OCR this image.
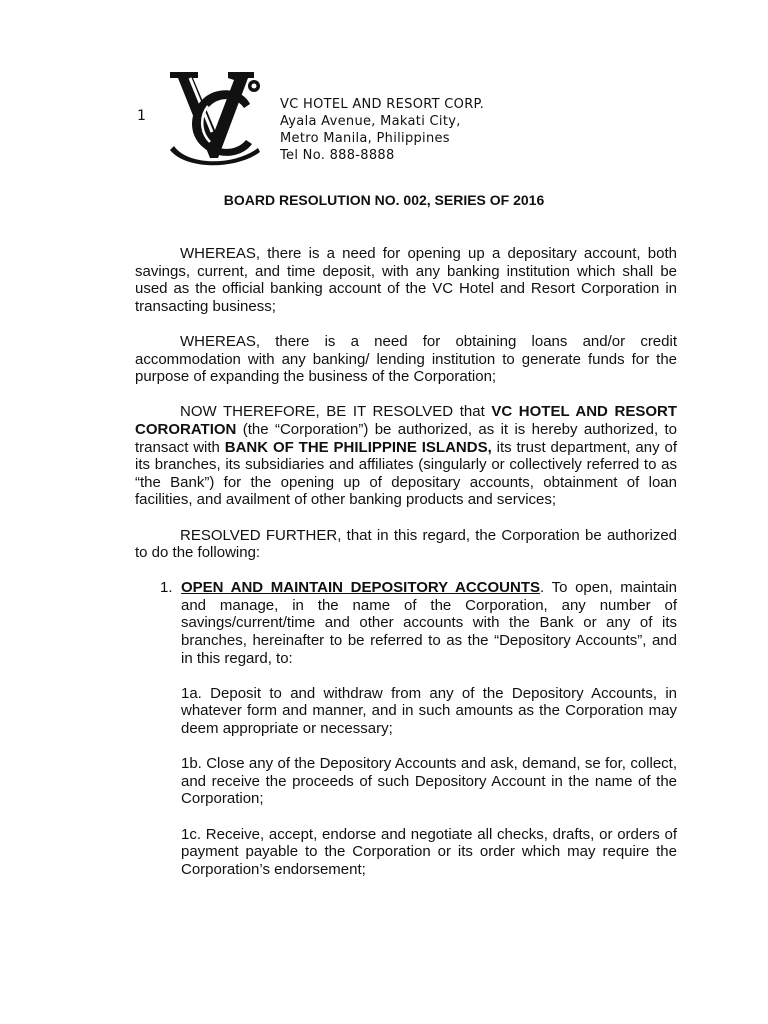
1
VC HOTEL AND RESORT CORP.
Ayala Avenue, Makati City,
Metro Manila, Philippines
Tel No. 888-8888
BOARD RESOLUTION NO. 002, SERIES OF 2016

WHEREAS, there is a need for opening up a depositary account, both savings, current, and time deposit, with any banking institution which shall be used as the official banking account of the VC Hotel and Resort Corporation in transacting business;

WHEREAS, there is a need for obtaining loans and/or credit accommodation with any banking/ lending institution to generate funds for the purpose of expanding the business of the Corporation;

NOW THEREFORE, BE IT RESOLVED that VC HOTEL AND RESORT CORORATION (the “Corporation”) be authorized, as it is hereby authorized, to transact with BANK OF THE PHILIPPINE ISLANDS, its trust department, any of its branches, its subsidiaries and affiliates (singularly or collectively referred to as “the Bank”) for the opening up of depositary accounts, obtainment of loan facilities, and availment of other banking products and services;

RESOLVED FURTHER, that in this regard, the Corporation be authorized to do the following:

1. OPEN AND MAINTAIN DEPOSITORY ACCOUNTS. To open, maintain and manage, in the name of the Corporation, any number of savings/current/time and other accounts with the Bank or any of its branches, hereinafter to be referred to as the “Depository Accounts”, and in this regard, to:

1a. Deposit to and withdraw from any of the Depository Accounts, in whatever form and manner, and in such amounts as the Corporation may deem appropriate or necessary;

1b. Close any of the Depository Accounts and ask, demand, se for, collect, and receive the proceeds of such Depository Account in the name of the Corporation;

1c. Receive, accept, endorse and negotiate all checks, drafts, or orders of payment payable to the Corporation or its order which may require the Corporation’s endorsement;
